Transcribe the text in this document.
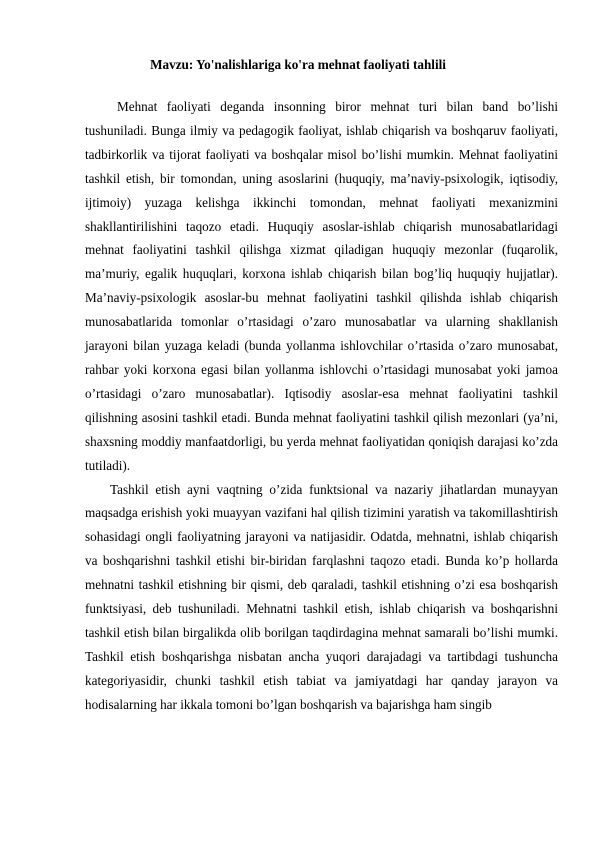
Mavzu: Yo'nalishlariga ko'ra mehnat faoliyati tahlili

Mehnat faoliyati deganda insonning biror mehnat turi bilan band bo’lishi tushuniladi. Bunga ilmiy va pedagogik faoliyat, ishlab chiqarish va boshqaruv faoliyati, tadbirkorlik va tijorat faoliyati va boshqalar misol bo’lishi mumkin. Mehnat faoliyatini tashkil etish, bir tomondan, uning asoslarini (huquqiy, ma’naviy-psixologik, iqtisodiy, ijtimoiy) yuzaga kelishga ikkinchi tomondan, mehnat faoliyati mexanizmini shakllantirilishini taqozo etadi. Huquqiy asoslar-ishlab chiqarish munosabatlaridagi mehnat faoliyatini tashkil qilishga xizmat qiladigan huquqiy mezonlar (fuqarolik, ma’muriy, egalik huquqlari, korxona ishlab chiqarish bilan bog’liq huquqiy hujjatlar). Ma’naviy-psixologik asoslar-bu mehnat faoliyatini tashkil qilishda ishlab chiqarish munosabatlarida tomonlar o’rtasidagi o’zaro munosabatlar va ularning shakllanish jarayoni bilan yuzaga keladi (bunda yollanma ishlovchilar o’rtasida o’zaro munosabat, rahbar yoki korxona egasi bilan yollanma ishlovchi o’rtasidagi munosabat yoki jamoa o’rtasidagi o’zaro munosabatlar). Iqtisodiy asoslar-esa mehnat faoliyatini tashkil qilishning asosini tashkil etadi. Bunda mehnat faoliyatini tashkil qilish mezonlari (ya’ni, shaxsning moddiy manfaatdorligi, bu yerda mehnat faoliyatidan qoniqish darajasi ko’zda tutiladi).

Tashkil etish ayni vaqtning o’zida funktsional va nazariy jihatlardan munayyan maqsadga erishish yoki muayyan vazifani hal qilish tizimini yaratish va takomillashtirish sohasidagi ongli faoliyatning jarayoni va natijasidir. Odatda, mehnatni, ishlab chiqarish va boshqarishni tashkil etishi bir-biridan farqlashni taqozo etadi. Bunda ko’p hollarda mehnatni tashkil etishning bir qismi, deb qaraladi, tashkil etishning o’zi esa boshqarish funktsiyasi, deb tushuniladi. Mehnatni tashkil etish, ishlab chiqarish va boshqarishni tashkil etish bilan birgalikda olib borilgan taqdirdagina mehnat samarali bo’lishi mumki. Tashkil etish boshqarishga nisbatan ancha yuqori darajadagi va tartibdagi tushuncha kategoriyasidir, chunki tashkil etish tabiat va jamiyatdagi har qanday jarayon va hodisalarning har ikkala tomoni bo’lgan boshqarish va bajarishga ham singib
